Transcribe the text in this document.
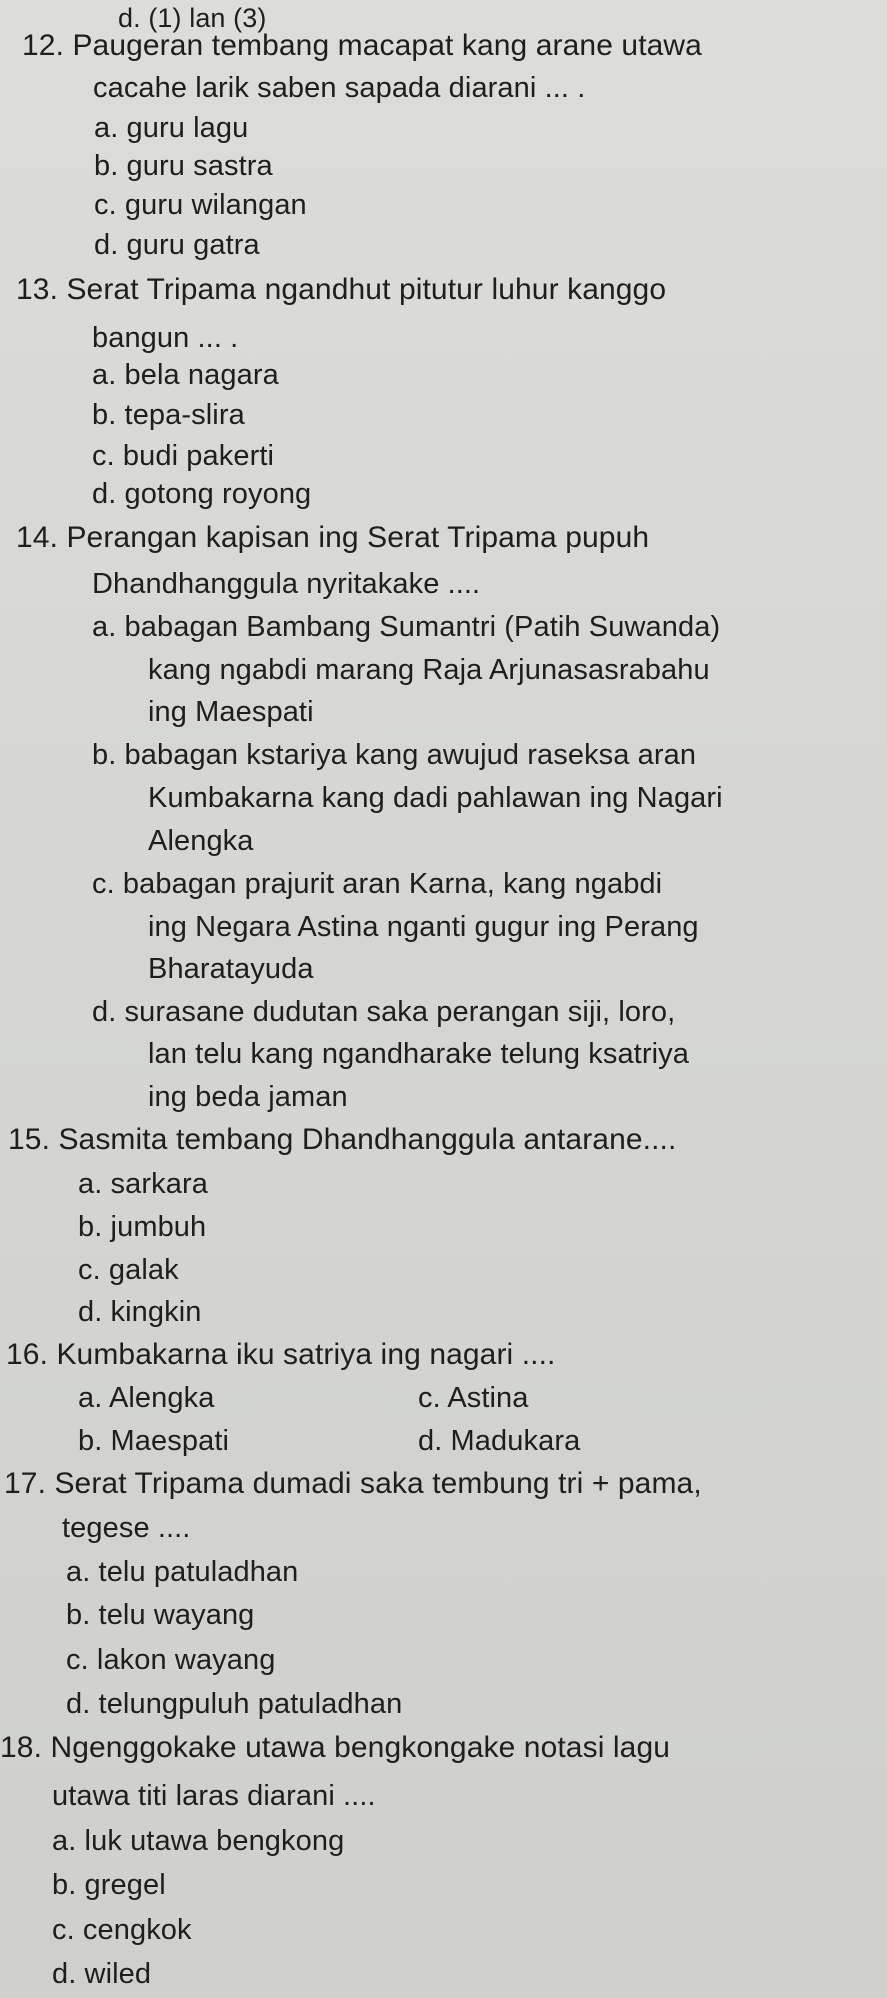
d. (1) lan (3)
12. Paugeran tembang macapat kang arane utawa
cacahe larik saben sapada diarani ... .
a. guru lagu
b. guru sastra
c. guru wilangan
d. guru gatra
13. Serat Tripama ngandhut pitutur luhur kanggo
bangun ... .
a. bela nagara
b. tepa-slira
c. budi pakerti
d. gotong royong
14. Perangan kapisan ing Serat Tripama pupuh
Dhandhanggula nyritakake ....
a. babagan Bambang Sumantri (Patih Suwanda)
kang ngabdi marang Raja Arjunasasrabahu
ing Maespati
b. babagan kstariya kang awujud raseksa aran
Kumbakarna kang dadi pahlawan ing Nagari
Alengka
c. babagan prajurit aran Karna, kang ngabdi
ing Negara Astina nganti gugur ing Perang
Bharatayuda
d. surasane dudutan saka perangan siji, loro,
lan telu kang ngandharake telung ksatriya
ing beda jaman
15. Sasmita tembang Dhandhanggula antarane....
a. sarkara
b. jumbuh
c. galak
d. kingkin
16. Kumbakarna iku satriya ing nagari ....
a. Alengka	c. Astina
b. Maespati	d. Madukara
17. Serat Tripama dumadi saka tembung tri + pama,
tegese ....
a. telu patuladhan
b. telu wayang
c. lakon wayang
d. telungpuluh patuladhan
18. Ngenggokake utawa bengkongake notasi lagu
utawa titi laras diarani ....
a. luk utawa bengkong
b. gregel
c. cengkok
d. wiled
